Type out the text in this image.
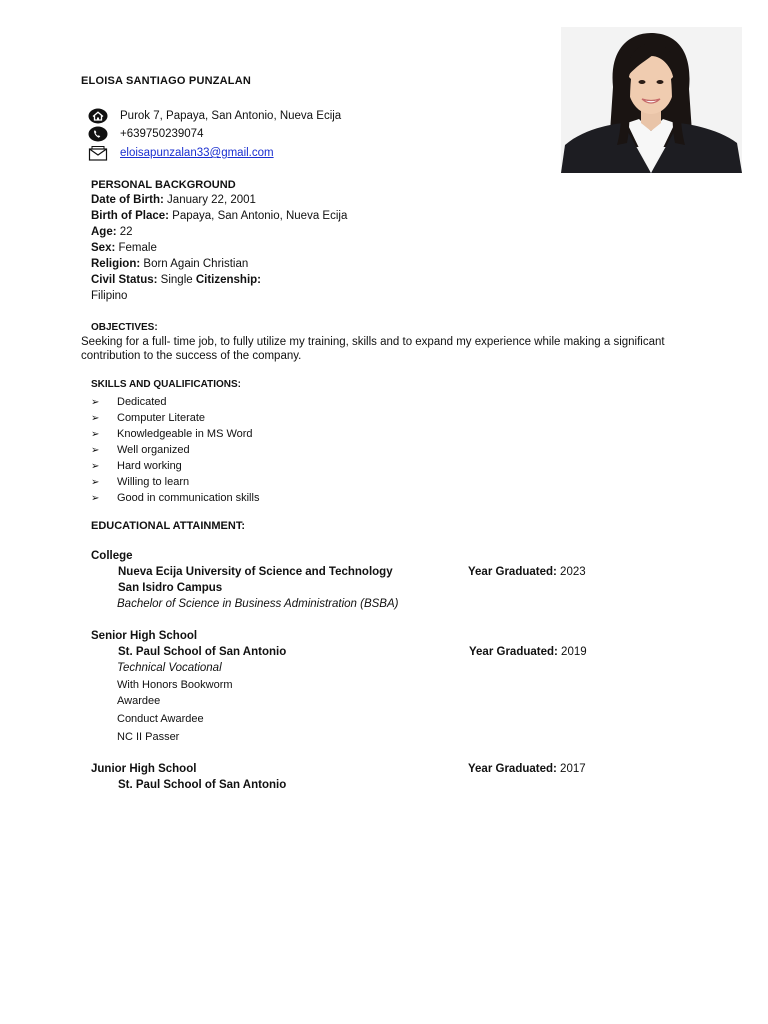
ELOISA SANTIAGO PUNZALAN
Purok 7, Papaya, San Antonio, Nueva Ecija
+639750239074
eloisapunzalan33@gmail.com
PERSONAL BACKGROUND
Date of Birth: January 22, 2001
Birth of Place: Papaya, San Antonio, Nueva Ecija
Age: 22
Sex: Female
Religion: Born Again Christian
Civil Status: Single Citizenship:
Filipino
OBJECTIVES:
Seeking for a full- time job, to fully utilize my training, skills and to expand my experience while making a significant contribution to the success of the company.
SKILLS AND QUALIFICATIONS:
➢	Dedicated
➢	Computer Literate
➢	Knowledgeable in MS Word
➢	Well organized
➢	Hard working
➢	Willing to learn
➢	Good in communication skills
EDUCATIONAL ATTAINMENT:
College
Nueva Ecija University of Science and Technology	Year Graduated: 2023
San Isidro Campus
Bachelor of Science in Business Administration (BSBA)
Senior High School
St. Paul School of San Antonio	Year Graduated: 2019
Technical Vocational
With Honors Bookworm
Awardee
Conduct Awardee
NC II Passer
Junior High School	Year Graduated: 2017
St. Paul School of San Antonio
